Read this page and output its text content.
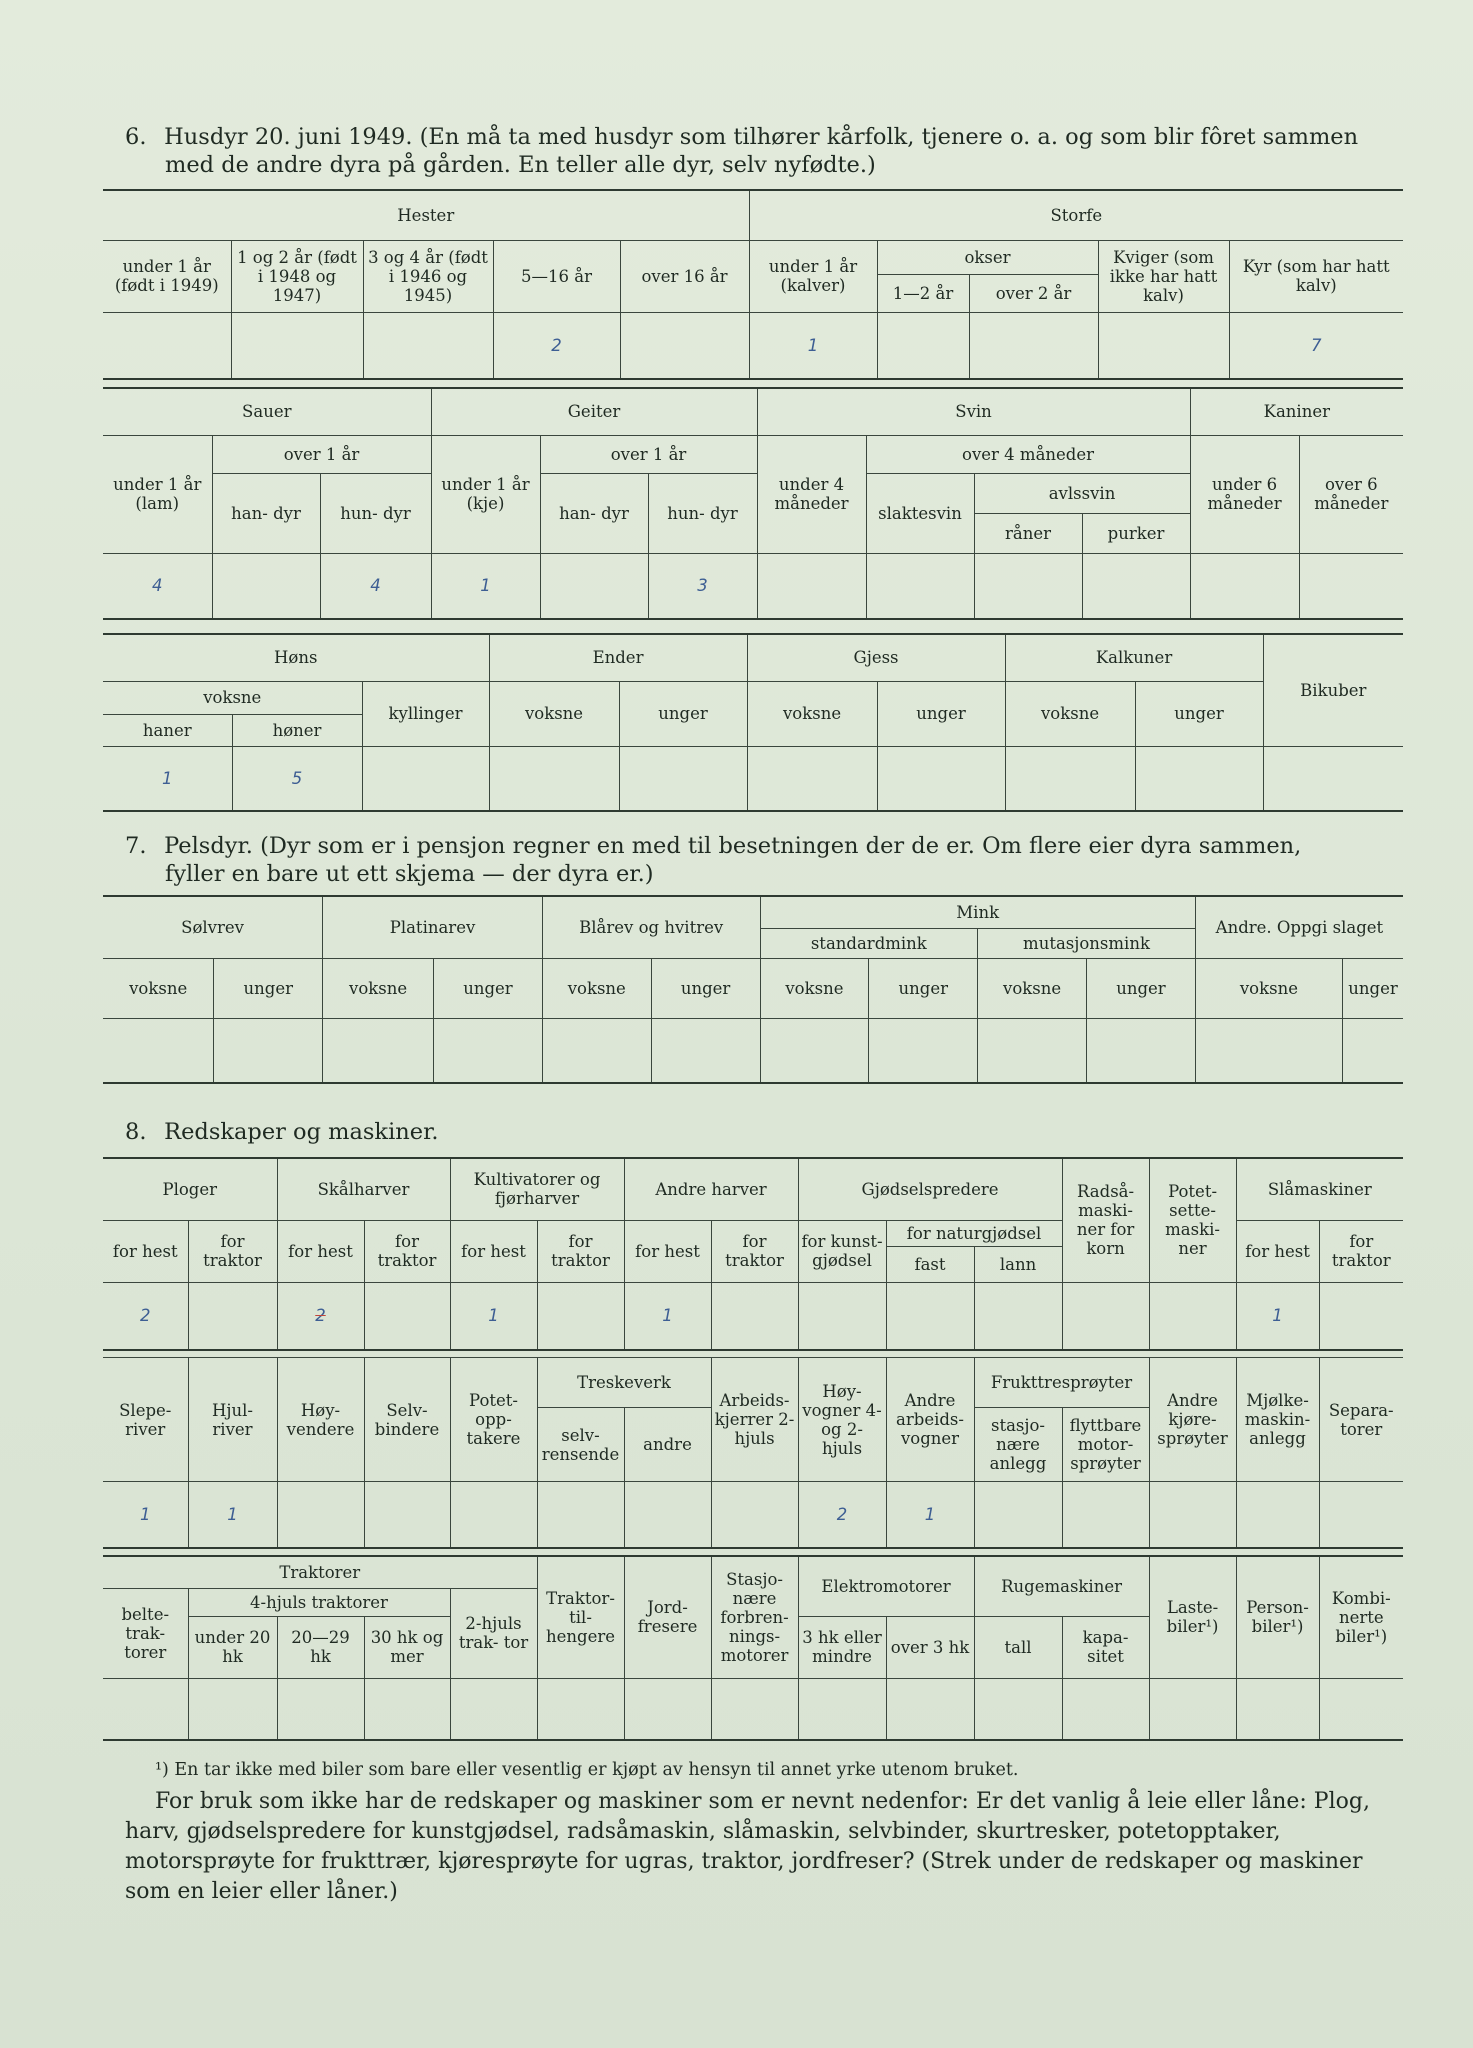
6. Husdyr 20. juni 1949. (En må ta med husdyr som tilhører kårfolk, tjenere o. a. og som blir fôret sammen
med de andre dyra på gården. En teller alle dyr, selv nyfødte.)
Hester					Storfe				
under 1 år (født i 1949)	1 og 2 år (født i 1948 og 1947)	3 og 4 år (født i 1946 og 1945)	5—16 år	over 16 år	under 1 år (kalver)	okser		Kviger (som ikke har hatt kalv)	Kyr (som har hatt kalv)
						1—2 år	over 2 år		
			2		1				7
Sauer			Geiter			Svin				Kaniner	
under 1 år (lam)	over 1 år		under 1 år (kje)	over 1 år		under 4 måneder	over 4 måneder			under 6 måneder	over 6 måneder
	han- dyr	hun- dyr		han- dyr	hun- dyr		slaktesvin	avlssvin			
								råner	purker		
4		4	1		3						
Høns			Ender		Gjess		Kalkuner		Bikuber
voksne		kyllinger	voksne	unger	voksne	unger	voksne	unger	
haner	høner								
1	5								
7. Pelsdyr. (Dyr som er i pensjon regner en med til besetningen der de er. Om flere eier dyra sammen,
fyller en bare ut ett skjema — der dyra er.)
Sølvrev		Platinarev		Blårev og hvitrev		Mink				Andre. Oppgi slaget	
						standardmink		mutasjonsmink			
voksne	unger	voksne	unger	voksne	unger	voksne	unger	voksne	unger	voksne	unger

8. Redskaper og maskiner.
Ploger		Skålharver		Kultivatorer og fjørharver		Andre harver		Gjødselspredere			Radså- maski- ner for korn	Potet- sette- maski- ner	Slåmaskiner	
for hest	for traktor	for hest	for traktor	for hest	for traktor	for hest	for traktor	for kunst- gjødsel	for naturgjødsel				for hest	for traktor
									fast	lann				
2		2		1		1							1	
Slepe- river	Hjul- river	Høy- vendere	Selv- bindere	Potet- opp- takere	Treskeverk		Arbeids- kjerrer 2-hjuls	Høy- vogner 4- og 2- hjuls	Andre arbeids- vogner	Frukttresprøyter		Andre kjøre- sprøyter	Mjølke- maskin- anlegg	Separa- torer
					selv- rensende	andre				stasjo- nære anlegg	flyttbare motor- sprøyter			
1	1							2	1					
Traktorer					Traktor- til- hengere	Jord- fresere	Stasjo- nære forbren- nings- motorer	Elektromotorer		Rugemaskiner		Laste- biler¹)	Person- biler¹)	Kombi- nerte biler¹)
belte- trak- torer	4-hjuls traktorer			2-hjuls trak- tor										
	under 20 hk	20—29 hk	30 hk og mer					3 hk eller mindre	over 3 hk	tall	kapa- sitet			

¹) En tar ikke med biler som bare eller vesentlig er kjøpt av hensyn til annet yrke utenom bruket.
For bruk som ikke har de redskaper og maskiner som er nevnt nedenfor: Er det vanlig å leie eller låne: Plog, harv, gjødselspredere for kunstgjødsel, radsåmaskin, slåmaskin, selvbinder, skurtresker, potetopptaker, motorsprøyte for frukttrær, kjøresprøyte for ugras, traktor, jordfreser? (Strek under de redskaper og maskiner som en leier eller låner.)
